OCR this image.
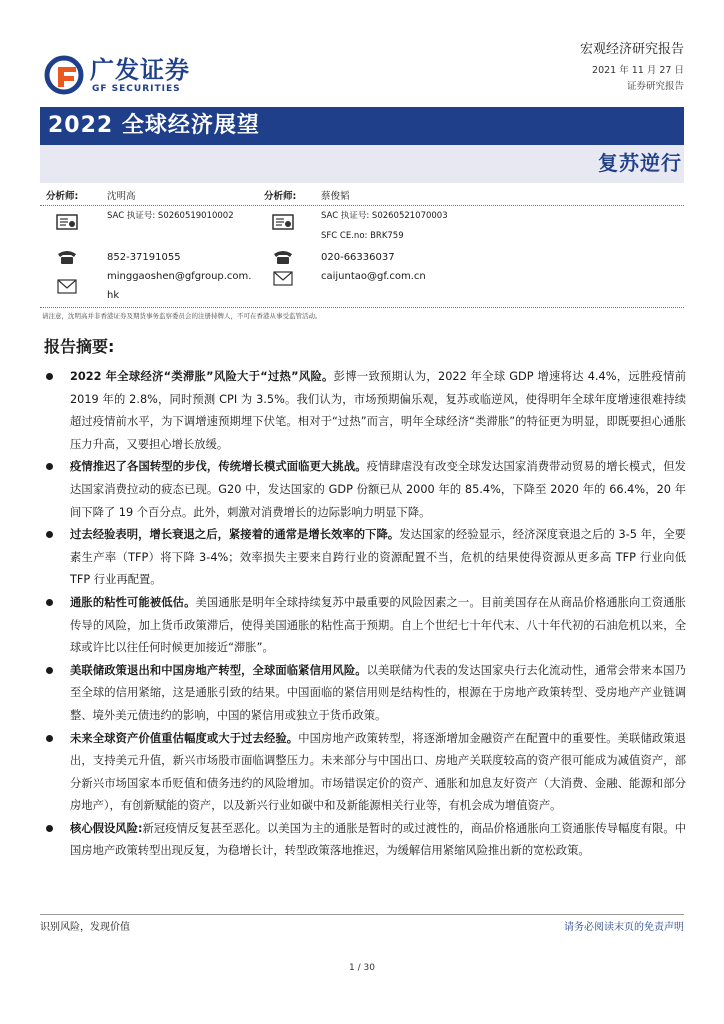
广发证券
GF SECURITIES
宏观经济研究报告
2021 年 11 月 27 日
证券研究报告
2022 全球经济展望
复苏逆行
分析师:	沈明高
SAC 执证号: S0260519010002
852-37191055
minggaoshen@gfgroup.com.
hk
分析师:	蔡俊韬
SAC 执证号: S0260521070003
SFC CE.no: BRK759
020-66336037
caijuntao@gf.com.cn
请注意，沈明高并非香港证券及期货事务监察委员会的注册持牌人，不可在香港从事受监管活动。
报告摘要:
2022 年全球经济“类滞胀”风险大于“过热”风险。彭博一致预期认为，2022 年全球 GDP 增速将达 4.4%，远胜疫情前 2019 年的 2.8%，同时预测 CPI 为 3.5%。我们认为，市场预期偏乐观，复苏或临逆风，使得明年全球年度增速很难持续超过疫情前水平，为下调增速预期埋下伏笔。相对于“过热”而言，明年全球经济“类滞胀”的特征更为明显，即既要担心通胀压力升高，又要担心增长放缓。
疫情推迟了各国转型的步伐，传统增长模式面临更大挑战。疫情肆虐没有改变全球发达国家消费带动贸易的增长模式，但发达国家消费拉动的疲态已现。G20 中，发达国家的 GDP 份额已从 2000 年的 85.4%，下降至 2020 年的 66.4%，20 年间下降了 19 个百分点。此外，刺激对消费增长的边际影响力明显下降。
过去经验表明，增长衰退之后，紧接着的通常是增长效率的下降。发达国家的经验显示，经济深度衰退之后的 3-5 年，全要素生产率（TFP）将下降 3-4%；效率损失主要来自跨行业的资源配置不当，危机的结果使得资源从更多高 TFP 行业向低 TFP 行业再配置。
通胀的粘性可能被低估。美国通胀是明年全球持续复苏中最重要的风险因素之一。目前美国存在从商品价格通胀向工资通胀传导的风险，加上货币政策滞后，使得美国通胀的粘性高于预期。自上个世纪七十年代末、八十年代初的石油危机以来，全球或许比以往任何时候更加接近“滞胀”。
美联储政策退出和中国房地产转型，全球面临紧信用风险。以美联储为代表的发达国家央行去化流动性，通常会带来本国乃至全球的信用紧缩，这是通胀引致的结果。中国面临的紧信用则是结构性的，根源在于房地产政策转型、受房地产产业链调整、境外美元债违约的影响，中国的紧信用或独立于货币政策。
未来全球资产价值重估幅度或大于过去经验。中国房地产政策转型，将逐渐增加金融资产在配置中的重要性。美联储政策退出，支持美元升值，新兴市场股市面临调整压力。未来部分与中国出口、房地产关联度较高的资产很可能成为减值资产，部分新兴市场国家本币贬值和债务违约的风险增加。市场错误定价的资产、通胀和加息友好资产（大消费、金融、能源和部分房地产），有创新赋能的资产，以及新兴行业如碳中和及新能源相关行业等，有机会成为增值资产。
核心假设风险:新冠疫情反复甚至恶化。以美国为主的通胀是暂时的或过渡性的，商品价格通胀向工资通胀传导幅度有限。中国房地产政策转型出现反复，为稳增长计，转型政策落地推迟，为缓解信用紧缩风险推出新的宽松政策。
识别风险，发现价值	请务必阅读末页的免责声明
1 / 30
